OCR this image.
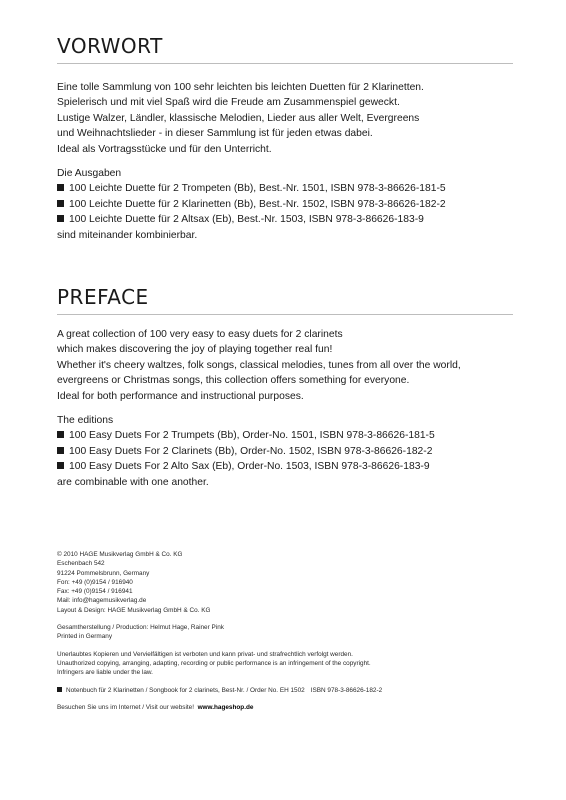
VORWORT

Eine tolle Sammlung von 100 sehr leichten bis leichten Duetten für 2 Klarinetten.
Spielerisch und mit viel Spaß wird die Freude am Zusammenspiel geweckt.
Lustige Walzer, Ländler, klassische Melodien, Lieder aus aller Welt, Evergreens
und Weihnachtslieder - in dieser Sammlung ist für jeden etwas dabei.
Ideal als Vortragsstücke und für den Unterricht.

Die Ausgaben

100 Leichte Duette für 2 Trompeten (Bb), Best.-Nr. 1501, ISBN 978-3-86626-181-5
100 Leichte Duette für 2 Klarinetten (Bb), Best.-Nr. 1502, ISBN 978-3-86626-182-2
100 Leichte Duette für 2 Altsax (Eb), Best.-Nr. 1503, ISBN 978-3-86626-183-9

sind miteinander kombinierbar.

PREFACE

A great collection of 100 very easy to easy duets for 2 clarinets
which makes discovering the joy of playing together real fun!
Whether it's cheery waltzes, folk songs, classical melodies, tunes from all over the world,
evergreens or Christmas songs, this collection offers something for everyone.
Ideal for both performance and instructional purposes.

The editions

100 Easy Duets For 2 Trumpets (Bb), Order-No. 1501, ISBN 978-3-86626-181-5
100 Easy Duets For 2 Clarinets (Bb), Order-No. 1502, ISBN 978-3-86626-182-2
100 Easy Duets For 2 Alto Sax (Eb), Order-No. 1503, ISBN 978-3-86626-183-9

are combinable with one another.

© 2010 HAGE Musikverlag GmbH & Co. KG
Eschenbach 542
91224 Pommelsbrunn, Germany
Fon: +49 (0)9154 / 916940
Fax: +49 (0)9154 / 916941
Mail: info@hagemusikverlag.de
Layout & Design: HAGE Musikverlag GmbH & Co. KG
Gesamtherstellung / Production: Helmut Hage, Rainer Pink
Printed in Germany
Unerlaubtes Kopieren und Vervielfältigen ist verboten und kann privat- und strafrechtlich verfolgt werden.
Unauthorized copying, arranging, adapting, recording or public performance is an infringement of the copyright.
Infringers are liable under the law.
Notenbuch für 2 Klarinetten / Songbook for 2 clarinets, Best-Nr. / Order No. EH 1502 ISBN 978-3-86626-182-2
Besuchen Sie uns im Internet / Visit our website! www.hageshop.de
